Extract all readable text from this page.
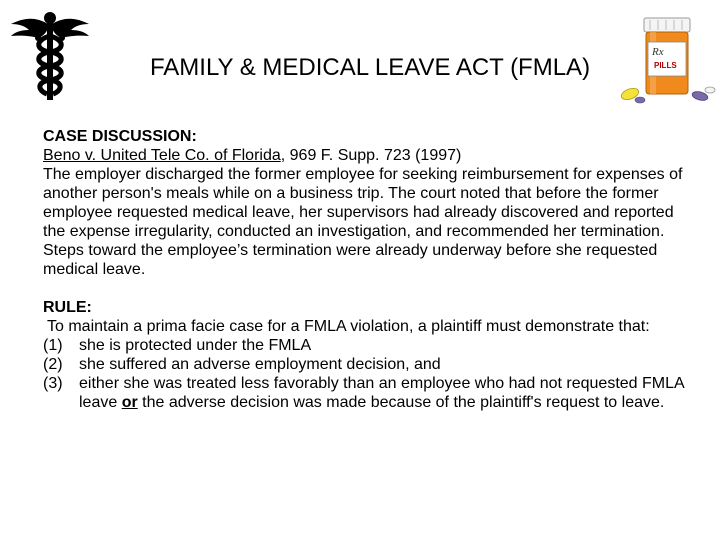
Rx
PILLS
FAMILY & MEDICAL LEAVE ACT (FMLA)

CASE DISCUSSION:

Beno v. United Tele Co. of Florida, 969 F. Supp. 723 (1997)

The employer discharged the former employee for seeking reimbursement for expenses of another person's meals while on a business trip. The court noted that before the former employee requested medical leave, her supervisors had already discovered and reported the expense irregularity, conducted an investigation, and recommended her termination. Steps toward the employee’s termination were already underway before she requested medical leave.

RULE:

To maintain a prima facie case for a FMLA violation, a plaintiff must demonstrate that:

(1)	she is protected under the FMLA
(2)	she suffered an adverse employment decision, and
(3)	either she was treated less favorably than an employee who had not requested FMLA leave or the adverse decision was made because of the plaintiff's request to leave.
